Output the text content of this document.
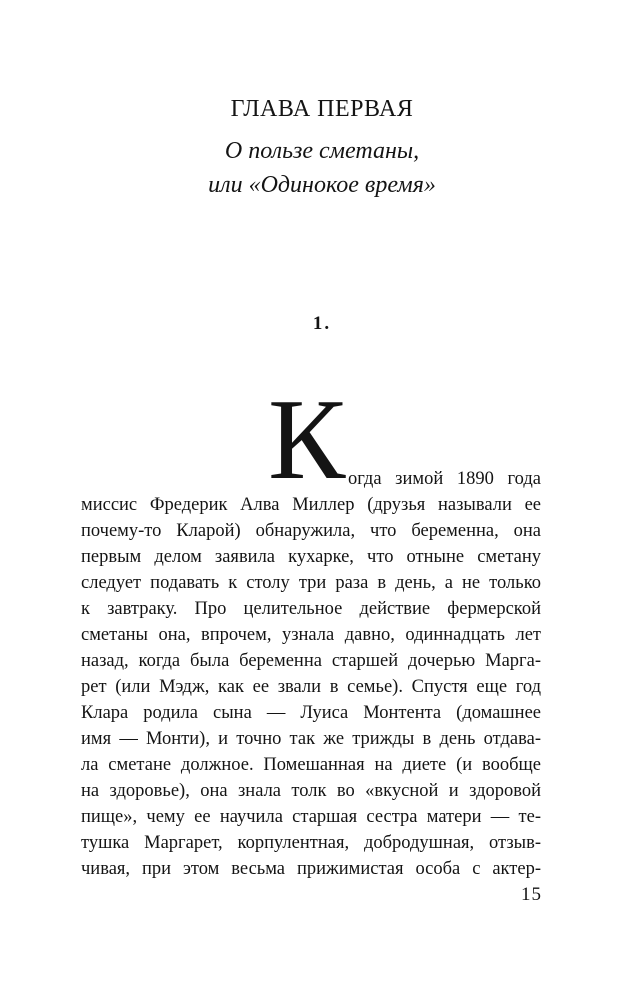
ГЛАВА ПЕРВАЯ
О пользе сметаны,
или «Одинокое время»
1.
К огда зимой 1890 года
миссис Фредерик Алва Миллер (друзья называли ее
почему-то Кларой) обнаружила, что беременна, она
первым делом заявила кухарке, что отныне сметану
следует подавать к столу три раза в день, а не только
к завтраку. Про целительное действие фермерской
сметаны она, впрочем, узнала давно, одиннадцать лет
назад, когда была беременна старшей дочерью Марга-
рет (или Мэдж, как ее звали в семье). Спустя еще год
Клара родила сына — Луиса Монтента (домашнее
имя — Монти), и точно так же трижды в день отдава-
ла сметане должное. Помешанная на диете (и вообще
на здоровье), она знала толк во «вкусной и здоровой
пище», чему ее научила старшая сестра матери — те-
тушка Маргарет, корпулентная, добродушная, отзыв-
чивая, при этом весьма прижимистая особа с актер-
15
